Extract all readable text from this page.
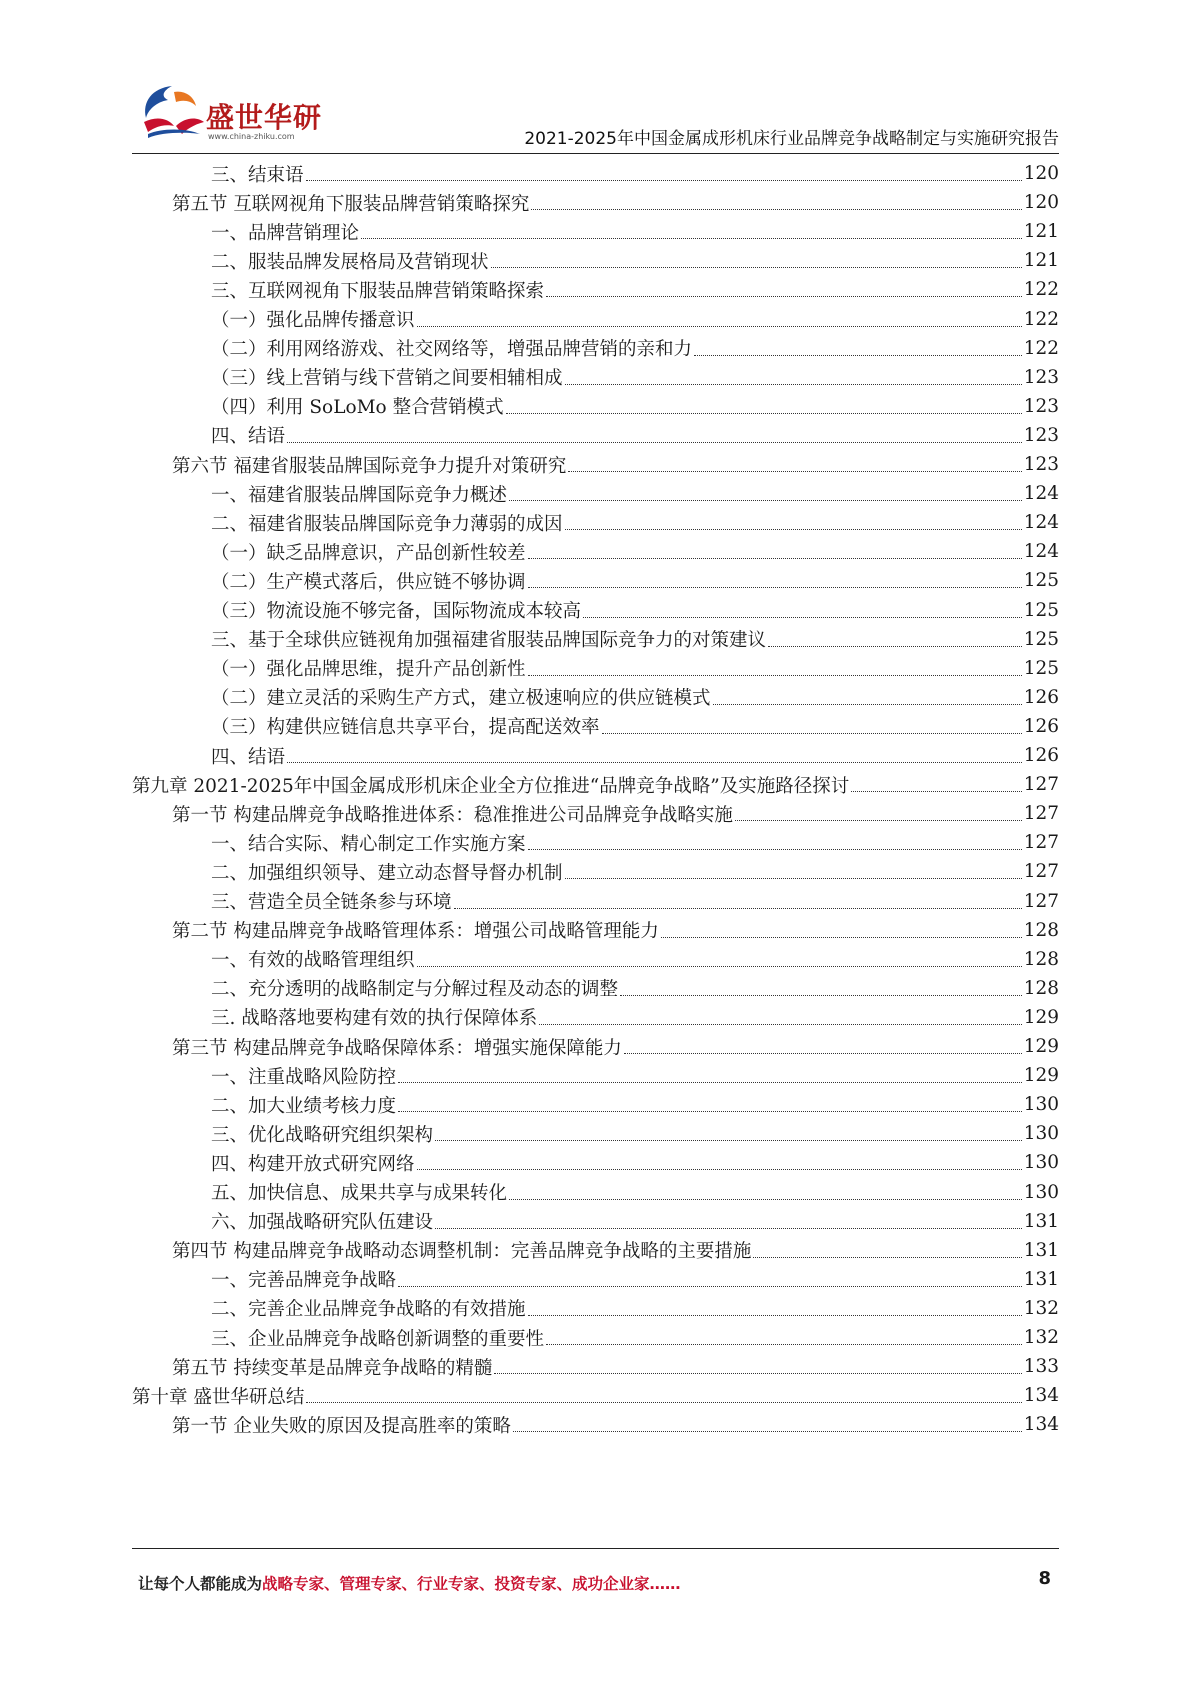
盛世华研
www.china-zhiku.com	2021-2025年中国金属成形机床行业品牌竞争战略制定与实施研究报告
三、结束语	120
第五节 互联网视角下服装品牌营销策略探究	120
一、品牌营销理论	121
二、服装品牌发展格局及营销现状	121
三、互联网视角下服装品牌营销策略探索	122
（一）强化品牌传播意识	122
（二）利用网络游戏、社交网络等，增强品牌营销的亲和力	122
（三）线上营销与线下营销之间要相辅相成	123
（四）利用 SoLoMo 整合营销模式	123
四、结语	123
第六节 福建省服装品牌国际竞争力提升对策研究	123
一、福建省服装品牌国际竞争力概述	124
二、福建省服装品牌国际竞争力薄弱的成因	124
（一）缺乏品牌意识，产品创新性较差	124
（二）生产模式落后，供应链不够协调	125
（三）物流设施不够完备，国际物流成本较高	125
三、基于全球供应链视角加强福建省服装品牌国际竞争力的对策建议	125
（一）强化品牌思维，提升产品创新性	125
（二）建立灵活的采购生产方式，建立极速响应的供应链模式	126
（三）构建供应链信息共享平台，提高配送效率	126
四、结语	126
第九章 2021-2025年中国金属成形机床企业全方位推进“品牌竞争战略”及实施路径探讨	127
第一节 构建品牌竞争战略推进体系：稳准推进公司品牌竞争战略实施	127
一、结合实际、精心制定工作实施方案	127
二、加强组织领导、建立动态督导督办机制	127
三、营造全员全链条参与环境	127
第二节 构建品牌竞争战略管理体系：增强公司战略管理能力	128
一、有效的战略管理组织	128
二、充分透明的战略制定与分解过程及动态的调整	128
三. 战略落地要构建有效的执行保障体系	129
第三节 构建品牌竞争战略保障体系：增强实施保障能力	129
一、注重战略风险防控	129
二、加大业绩考核力度	130
三、优化战略研究组织架构	130
四、构建开放式研究网络	130
五、加快信息、成果共享与成果转化	130
六、加强战略研究队伍建设	131
第四节 构建品牌竞争战略动态调整机制：完善品牌竞争战略的主要措施	131
一、完善品牌竞争战略	131
二、完善企业品牌竞争战略的有效措施	132
三、企业品牌竞争战略创新调整的重要性	132
第五节 持续变革是品牌竞争战略的精髓	133
第十章 盛世华研总结	134
第一节 企业失败的原因及提高胜率的策略	134
让每个人都能成为战略专家、管理专家、行业专家、投资专家、成功企业家……	8
